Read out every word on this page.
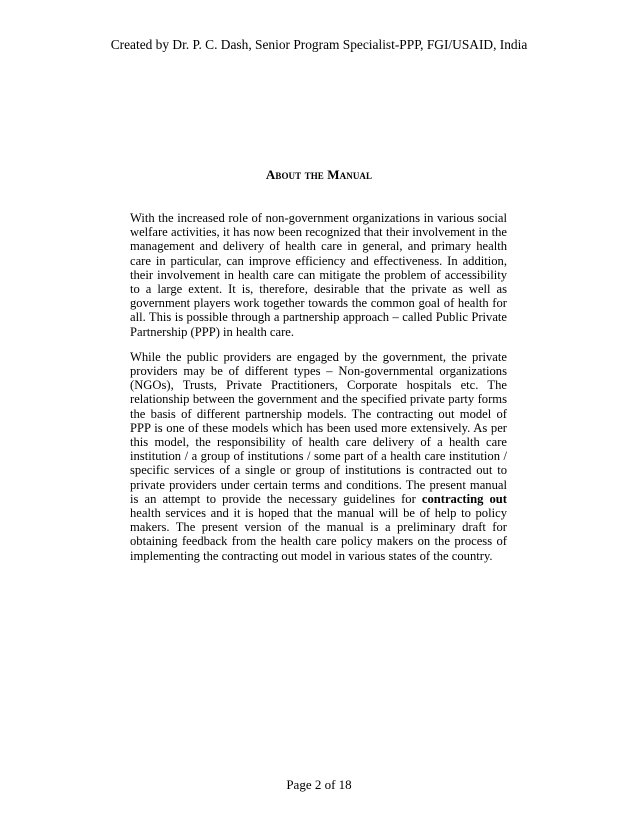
Created by Dr. P. C. Dash, Senior Program Specialist-PPP, FGI/USAID, India
About the Manual

With the increased role of non-government organizations in various social welfare activities, it has now been recognized that their involvement in the management and delivery of health care in general, and primary health care in particular, can improve efficiency and effectiveness. In addition, their involvement in health care can mitigate the problem of accessibility to a large extent. It is, therefore, desirable that the private as well as government players work together towards the common goal of health for all. This is possible through a partnership approach – called Public Private Partnership (PPP) in health care.

While the public providers are engaged by the government, the private providers may be of different types – Non-governmental organizations (NGOs), Trusts, Private Practitioners, Corporate hospitals etc. The relationship between the government and the specified private party forms the basis of different partnership models. The contracting out model of PPP is one of these models which has been used more extensively. As per this model, the responsibility of health care delivery of a health care institution / a group of institutions / some part of a health care institution / specific services of a single or group of institutions is contracted out to private providers under certain terms and conditions. The present manual is an attempt to provide the necessary guidelines for contracting out health services and it is hoped that the manual will be of help to policy makers. The present version of the manual is a preliminary draft for obtaining feedback from the health care policy makers on the process of implementing the contracting out model in various states of the country.

Page 2 of 18
